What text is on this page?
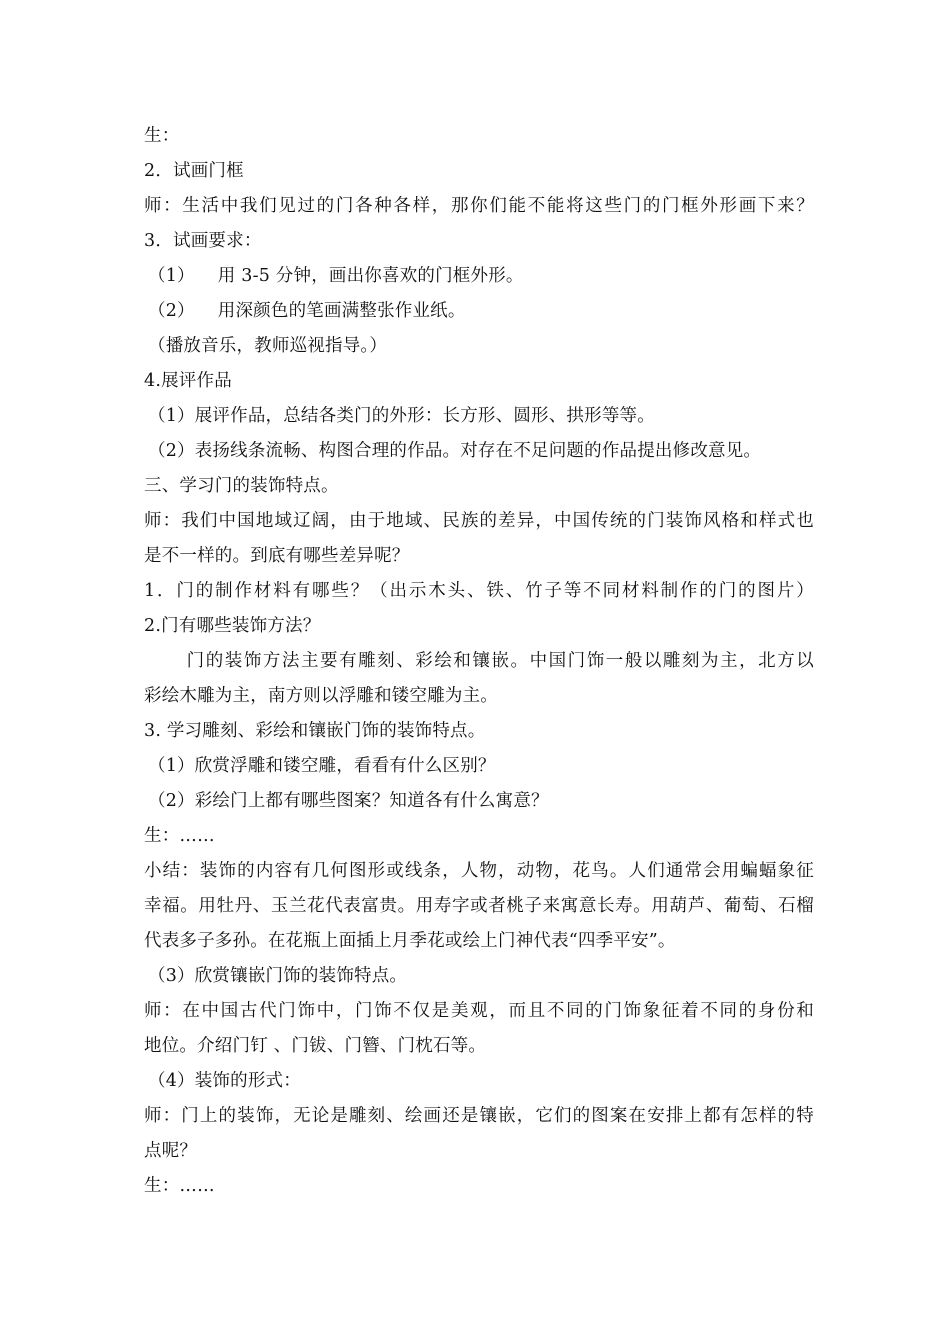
生：
2．试画门框
师：生活中我们见过的门各种各样，那你们能不能将这些门的门框外形画下来？
3．试画要求：
（1）    用 3-5 分钟，画出你喜欢的门框外形。
（2）    用深颜色的笔画满整张作业纸。
（播放音乐，教师巡视指导。）
4.展评作品
（1）展评作品，总结各类门的外形：长方形、圆形、拱形等等。
（2）表扬线条流畅、构图合理的作品。对存在不足问题的作品提出修改意见。
三、学习门的装饰特点。
师：我们中国地域辽阔，由于地域、民族的差异，中国传统的门装饰风格和样式也
是不一样的。到底有哪些差异呢？
1．门的制作材料有哪些？（出示木头、铁、竹子等不同材料制作的门的图片）
2.门有哪些装饰方法？
门的装饰方法主要有雕刻、彩绘和镶嵌。中国门饰一般以雕刻为主，北方以
彩绘木雕为主，南方则以浮雕和镂空雕为主。
3. 学习雕刻、彩绘和镶嵌门饰的装饰特点。
（1）欣赏浮雕和镂空雕，看看有什么区别？
（2）彩绘门上都有哪些图案？知道各有什么寓意？
生：……
小结：装饰的内容有几何图形或线条，人物，动物，花鸟。人们通常会用蝙蝠象征
幸福。用牡丹、玉兰花代表富贵。用寿字或者桃子来寓意长寿。用葫芦、葡萄、石榴
代表多子多孙。在花瓶上面插上月季花或绘上门神代表“四季平安”。
（3）欣赏镶嵌门饰的装饰特点。
师：在中国古代门饰中，门饰不仅是美观，而且不同的门饰象征着不同的身份和
地位。介绍门钉 、门钹、门簪、门枕石等。
（4）装饰的形式：
师：门上的装饰，无论是雕刻、绘画还是镶嵌，它们的图案在安排上都有怎样的特
点呢？
生：……
